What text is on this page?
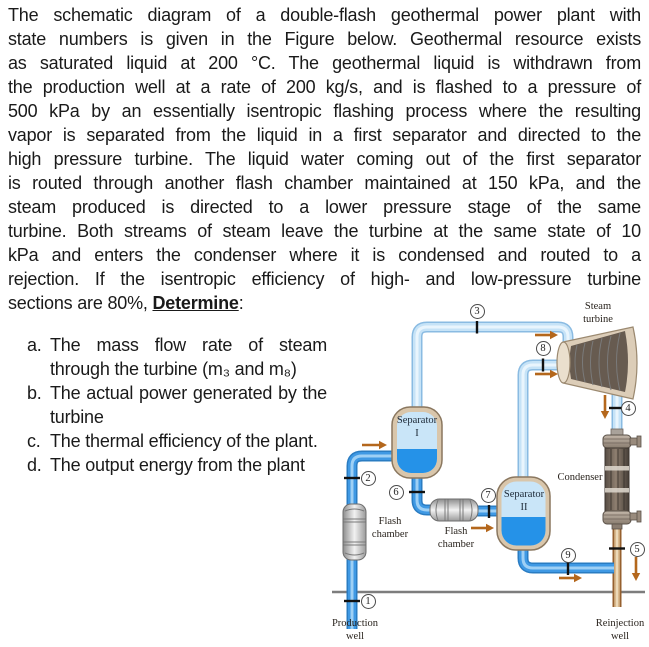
The schematic diagram of a double-flash geothermal power plant with
state numbers is given in the Figure below. Geothermal resource exists
as saturated liquid at 200 °C. The geothermal liquid is withdrawn from
the production well at a rate of 200 kg/s, and is flashed to a pressure of
500 kPa by an essentially isentropic flashing process where the resulting
vapor is separated from the liquid in a first separator and directed to the
high pressure turbine. The liquid water coming out of the first separator
is routed through another flash chamber maintained at 150 kPa, and the
steam produced is directed to a lower pressure stage of the same
turbine. Both streams of steam leave the turbine at the same state of 10
kPa and enters the condenser where it is condensed and routed to a
rejection. If the isentropic efficiency of high- and low-pressure turbine
sections are 80%, Determine:
a. The mass flow rate of steam
through the turbine (m₃ and m₈)
b. The actual power generated by the
turbine
c. The thermal efficiency of the plant.
d. The output energy from the plant
Steam
turbine
Separator
I
Separator
II
Flash
chamber	Flash
chamber
Condenser
Production
well
Reinjection
well
1
2
3
4
5
6	7
8
9
